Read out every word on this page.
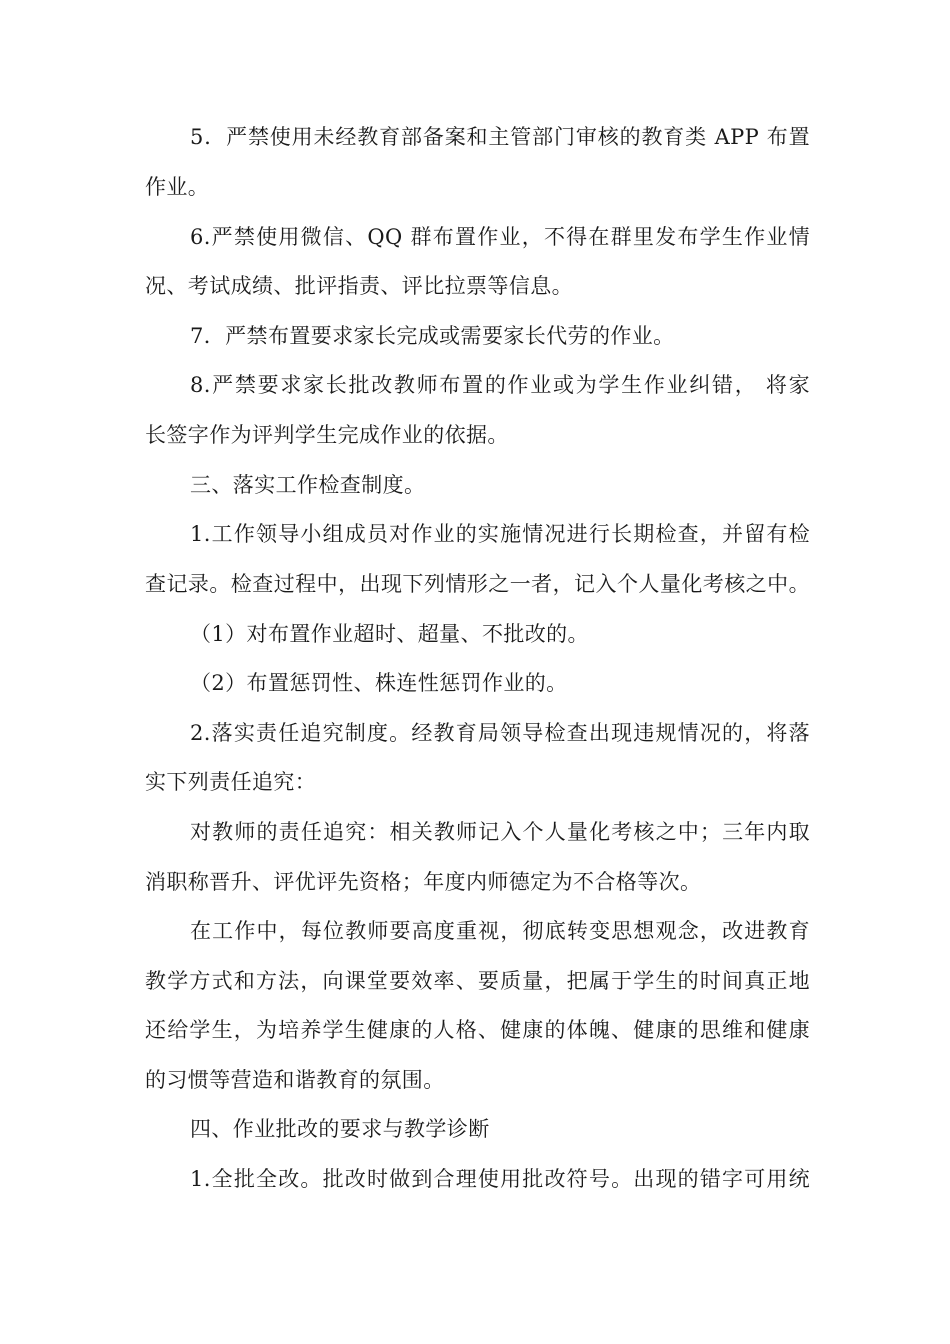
5．严禁使用未经教育部备案和主管部门审核的教育类 APP 布置
作业。
6.严禁使用微信、QQ 群布置作业，不得在群里发布学生作业情
况、考试成绩、批评指责、评比拉票等信息。
7．严禁布置要求家长完成或需要家长代劳的作业。
8.严禁要求家长批改教师布置的作业或为学生作业纠错， 将家
长签字作为评判学生完成作业的依据。
三、落实工作检查制度。
1.工作领导小组成员对作业的实施情况进行长期检查，并留有检
查记录。检查过程中，出现下列情形之一者，记入个人量化考核之中。
（1）对布置作业超时、超量、不批改的。
（2）布置惩罚性、株连性惩罚作业的。
2.落实责任追究制度。经教育局领导检查出现违规情况的，将落
实下列责任追究：
对教师的责任追究：相关教师记入个人量化考核之中；三年内取
消职称晋升、评优评先资格；年度内师德定为不合格等次。
在工作中，每位教师要高度重视，彻底转变思想观念，改进教育
教学方式和方法，向课堂要效率、要质量，把属于学生的时间真正地
还给学生，为培养学生健康的人格、健康的体魄、健康的思维和健康
的习惯等营造和谐教育的氛围。
四、作业批改的要求与教学诊断
1.全批全改。批改时做到合理使用批改符号。出现的错字可用统
